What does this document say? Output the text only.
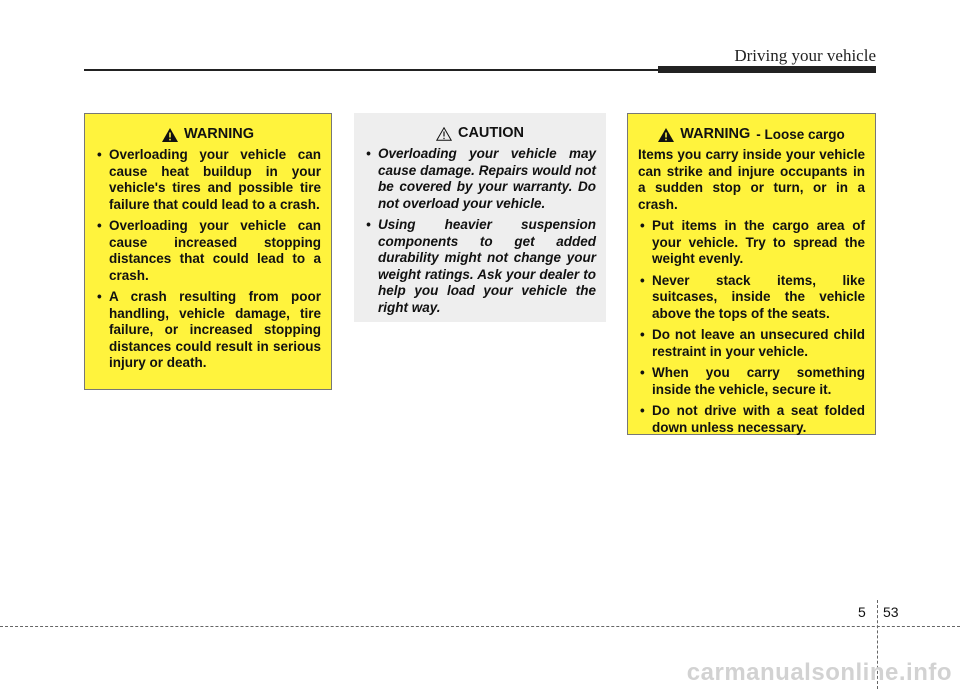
Driving your vehicle
WARNING
• Overloading your vehicle can cause heat buildup in your vehicle's tires and possible tire failure that could lead to a crash.
• Overloading your vehicle can cause increased stopping distances that could lead to a crash.
• A crash resulting from poor handling, vehicle damage, tire failure, or increased stopping distances could result in serious injury or death.
CAUTION
• Overloading your vehicle may cause damage. Repairs would not be covered by your warranty. Do not overload your vehicle.
• Using heavier suspension components to get added durability might not change your weight ratings. Ask your dealer to help you load your vehicle the right way.
WARNING - Loose cargo

Items you carry inside your vehicle can strike and injure occupants in a sudden stop or turn, or in a crash.

• Put items in the cargo area of your vehicle. Try to spread the weight evenly.
• Never stack items, like suitcases, inside the vehicle above the tops of the seats.
• Do not leave an unsecured child restraint in your vehicle.
• When you carry something inside the vehicle, secure it.
• Do not drive with a seat folded down unless necessary.
5 53
carmanualsonline.info
